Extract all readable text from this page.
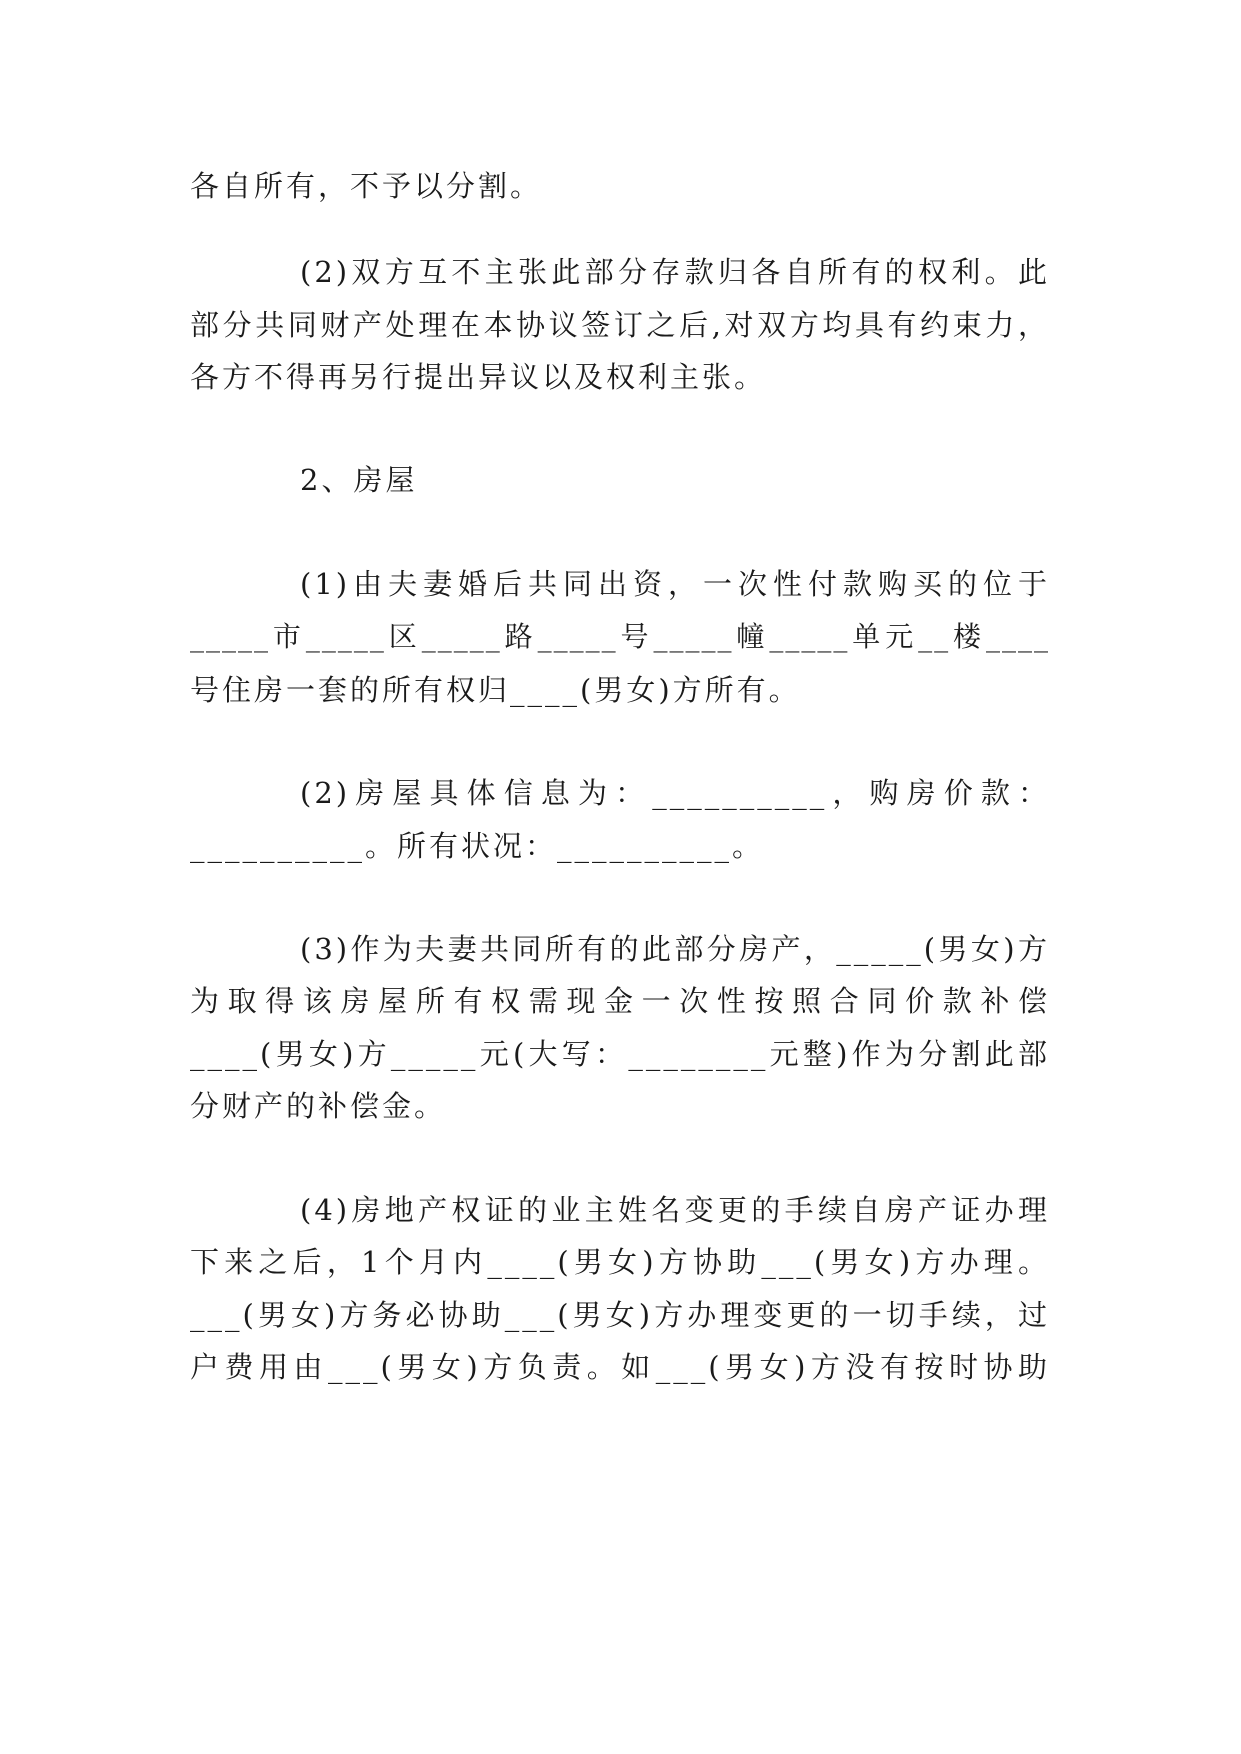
各自所有，不予以分割。
(2)双方互不主张此部分存款归各自所有的权利。此
部分共同财产处理在本协议签订之后,对双方均具有约束力，
各方不得再另行提出异议以及权利主张。
2、房屋
(1)由夫妻婚后共同出资，一次性付款购买的位于
_____市_____区_____路_____号_____幢_____单元__楼____
号住房一套的所有权归____(男女)方所有。
(2)房屋具体信息为：__________，购房价款：
__________。所有状况：__________。
(3)作为夫妻共同所有的此部分房产，_____(男女)方
为取得该房屋所有权需现金一次性按照合同价款补偿
____(男女)方_____元(大写：________元整)作为分割此部
分财产的补偿金。
(4)房地产权证的业主姓名变更的手续自房产证办理
下来之后，1个月内____(男女)方协助___(男女)方办理。
___(男女)方务必协助___(男女)方办理变更的一切手续，过
户费用由___(男女)方负责。如___(男女)方没有按时协助
